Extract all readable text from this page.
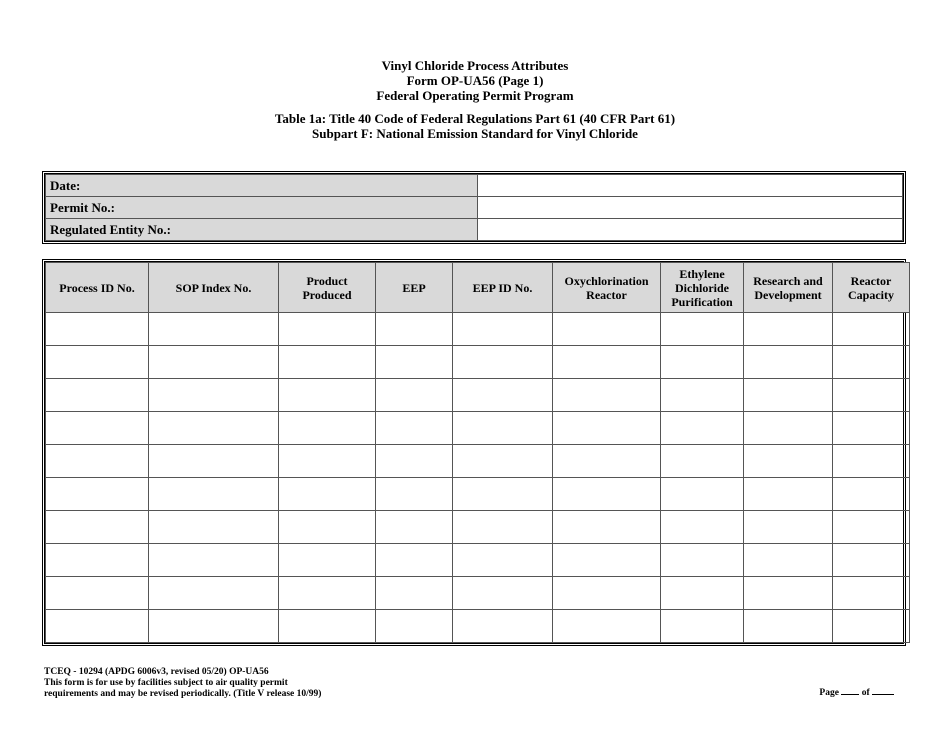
Vinyl Chloride Process Attributes
Form OP-UA56 (Page 1)
Federal Operating Permit Program
Table 1a: Title 40 Code of Federal Regulations Part 61 (40 CFR Part 61)
Subpart F: National Emission Standard for Vinyl Chloride
Date:	
Permit No.:	
Regulated Entity No.:	
Process ID No.	SOP Index No.	Product Produced	EEP	EEP ID No.	Oxychlorination Reactor	Ethylene Dichloride Purification	Research and Development	Reactor Capacity

TCEQ - 10294 (APDG 6006v3, revised 05/20) OP-UA56
This form is for use by facilities subject to air quality permit
requirements and may be revised periodically. (Title V release 10/99)	Page of
